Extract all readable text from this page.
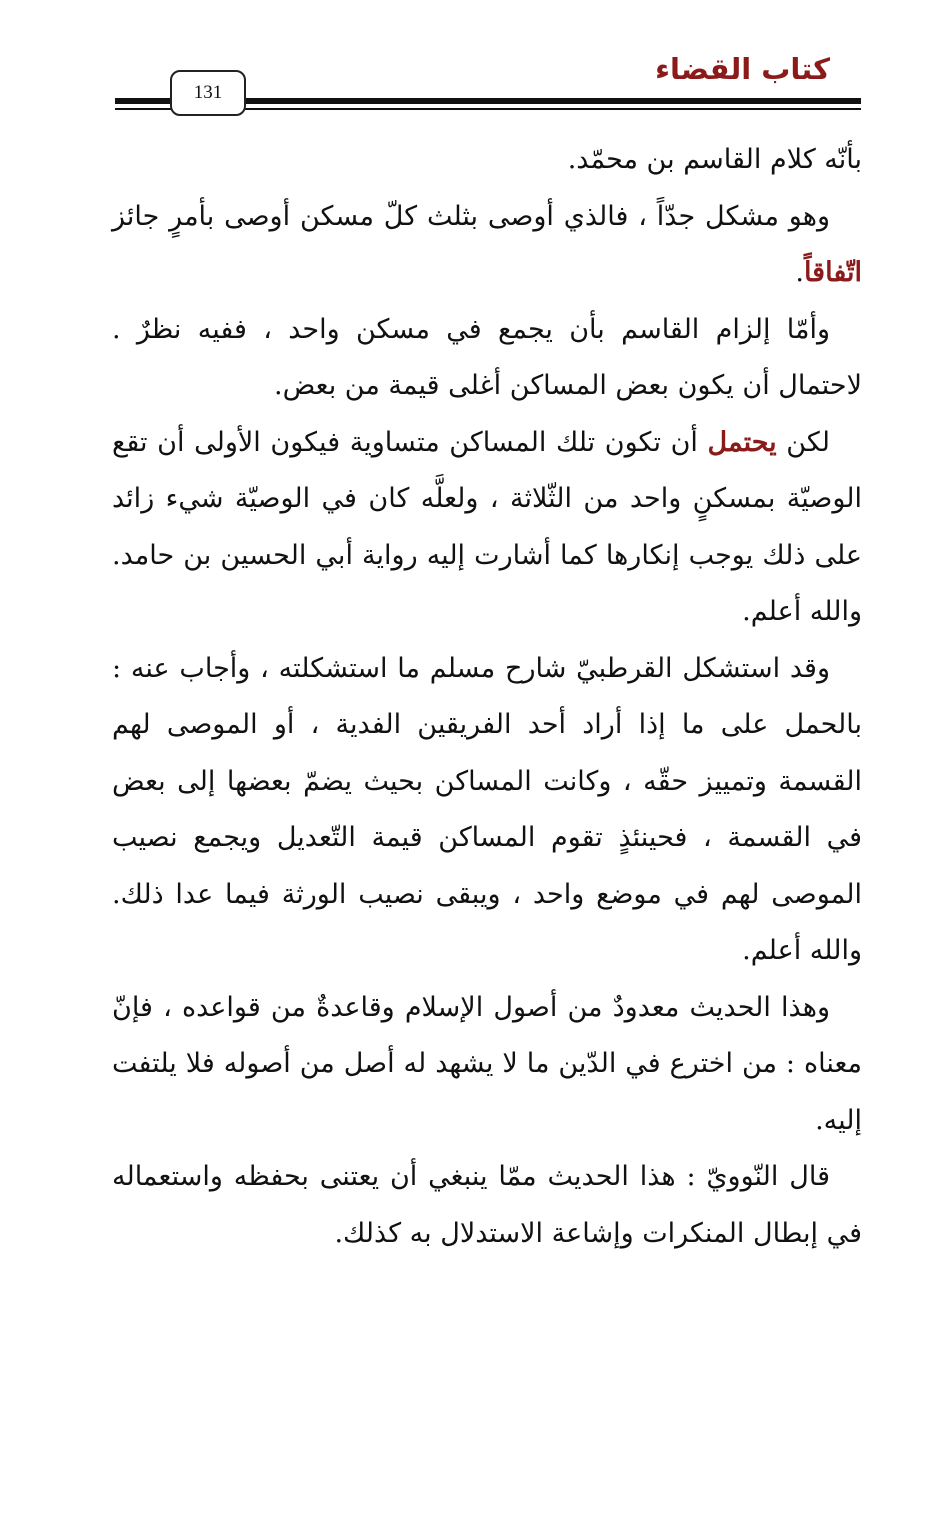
كتاب القضاء
131

بأنّه كلام القاسم بن محمّد.

وهو مشكل جدّاً ، فالذي أوصى بثلث كلّ مسكن أوصى بأمرٍ جائز اتّفاقاً.

وأمّا إلزام القاسم بأن يجمع في مسكن واحد ، ففيه نظرٌ . لاحتمال أن يكون بعض المساكن أغلى قيمة من بعض.

لكن يحتمل أن تكون تلك المساكن متساوية فيكون الأولى أن تقع الوصيّة بمسكنٍ واحد من الثّلاثة ، ولعلَّه كان في الوصيّة شيء زائد على ذلك يوجب إنكارها كما أشارت إليه رواية أبي الحسين بن حامد. والله أعلم.

وقد استشكل القرطبيّ شارح مسلم ما استشكلته ، وأجاب عنه : بالحمل على ما إذا أراد أحد الفريقين الفدية ، أو الموصى لهم القسمة وتمييز حقّه ، وكانت المساكن بحيث يضمّ بعضها إلى بعض في القسمة ، فحينئذٍ تقوم المساكن قيمة التّعديل ويجمع نصيب الموصى لهم في موضع واحد ، ويبقى نصيب الورثة فيما عدا ذلك. والله أعلم.

وهذا الحديث معدودٌ من أصول الإسلام وقاعدةٌ من قواعده ، فإنّ معناه : من اخترع في الدّين ما لا يشهد له أصل من أصوله فلا يلتفت إليه.

قال النّوويّ : هذا الحديث ممّا ينبغي أن يعتنى بحفظه واستعماله في إبطال المنكرات وإشاعة الاستدلال به كذلك.
